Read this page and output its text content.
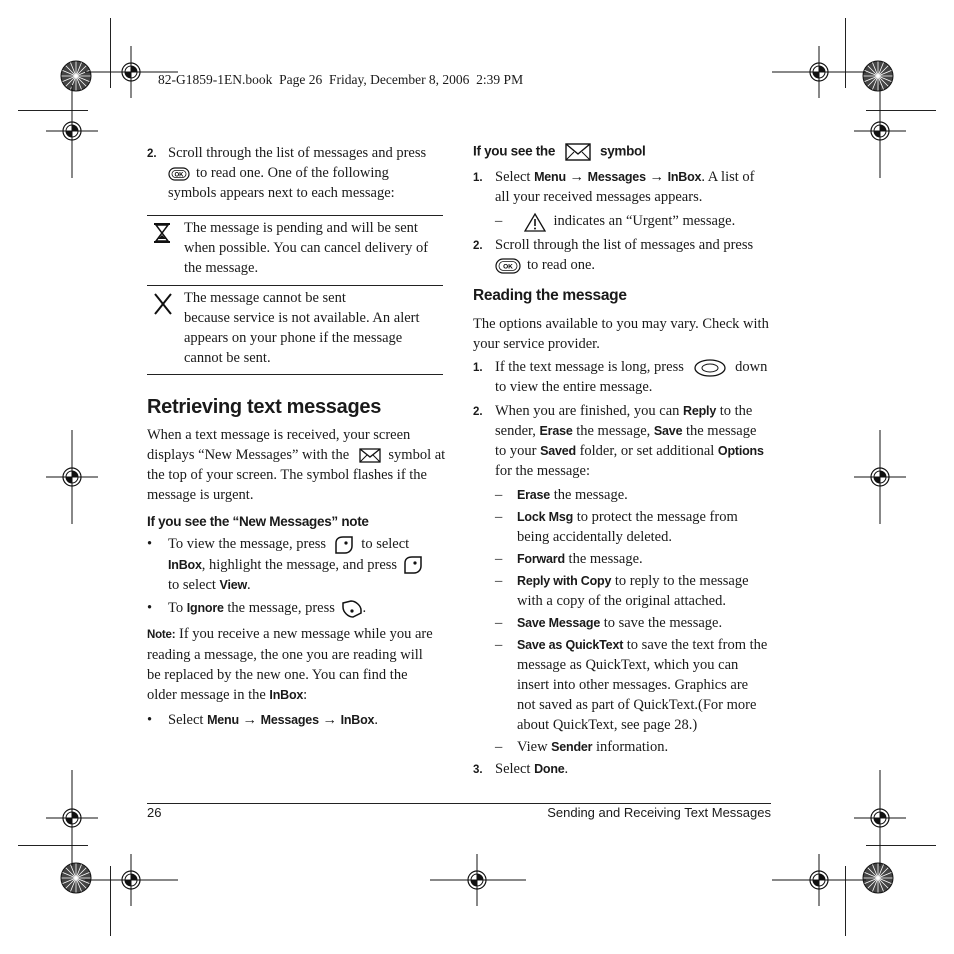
82-G1859-1EN.book  Page 26  Friday, December 8, 2006  2:39 PM
2. Scroll through the list of messages and press
OK to read one. One of the following
symbols appears next to each message:
The message is pending and will be sent
when possible. You can cancel delivery of
the message.
The message cannot be sent
because service is not available. An alert
appears on your phone if the message
cannot be sent.
Retrieving text messages
When a text message is received, your screen
displays “New Messages” with the	symbol at
the top of your screen. The symbol flashes if the
message is urgent.
If you see the “New Messages” note
• To view the message, press to select
InBox, highlight the message, and press
to select View.
• To Ignore the message, press .
Note: If you receive a new message while you are
reading a message, the one you are reading will
be replaced by the new one. You can find the
older message in the InBox:
• Select Menu → Messages → InBox.
If you see the	symbol
1. Select Menu → Messages → InBox. A list of
all your received messages appears.
–	indicates an “Urgent” message.
2. Scroll through the list of messages and press
OK to read one.
Reading the message
The options available to you may vary. Check with
your service provider.
1. If the text message is long, press	down
to view the entire message.
2. When you are finished, you can Reply to the
sender, Erase the message, Save the message
to your Saved folder, or set additional Options
for the message:
– Erase the message.
– Lock Msg to protect the message from
being accidentally deleted.
– Forward the message.
– Reply with Copy to reply to the message
with a copy of the original attached.
– Save Message to save the message.
– Save as QuickText to save the text from the
message as QuickText, which you can
insert into other messages. Graphics are
not saved as part of QuickText.(For more
about QuickText, see page 28.)
– View Sender information.
3. Select Done.
26	Sending and Receiving Text Messages
